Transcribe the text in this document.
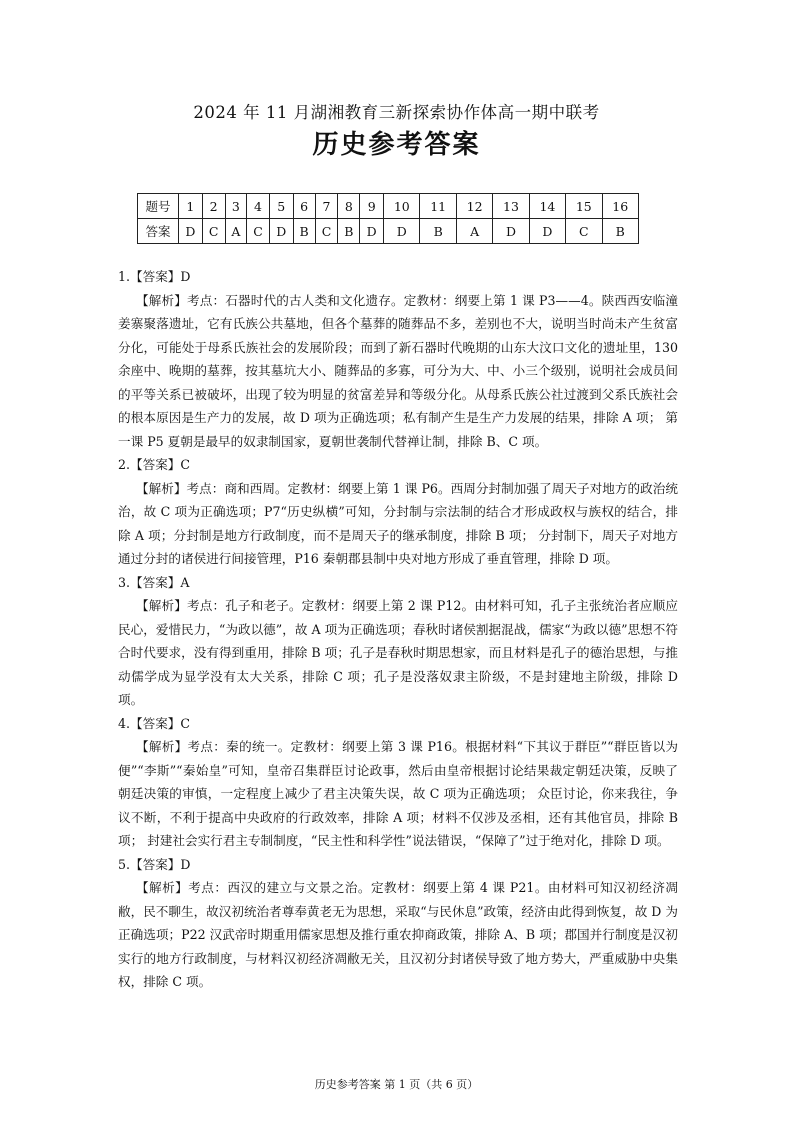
2024 年 11 月湖湘教育三新探索协作体高一期中联考
历史参考答案
题号	1	2	3	4	5	6	7	8	9	10	11	12	13	14	15	16
答案	D	C	A	C	D	B	C	B	D	D	B	A	D	D	C	B

1.【答案】D

【解析】考点：石器时代的古人类和文化遗存。定教材：纲要上第 1 课 P3——4。陕西西安临潼姜寨聚落遗址，它有氏族公共墓地，但各个墓葬的随葬品不多，差别也不大，说明当时尚未产生贫富分化，可能处于母系氏族社会的发展阶段；而到了新石器时代晚期的山东大汶口文化的遗址里，130 余座中、晚期的墓葬，按其墓坑大小、随葬品的多寡，可分为大、中、小三个级别，说明社会成员间的平等关系已被破坏，出现了较为明显的贫富差异和等级分化。从母系氏族公社过渡到父系氏族社会的根本原因是生产力的发展，故 D 项为正确选项；私有制产生是生产力发展的结果，排除 A 项； 第一课 P5 夏朝是最早的奴隶制国家，夏朝世袭制代替禅让制，排除 B、C 项。

2.【答案】C

【解析】考点：商和西周。定教材：纲要上第 1 课 P6。西周分封制加强了周天子对地方的政治统治，故 C 项为正确选项；P7“历史纵横”可知，分封制与宗法制的结合才形成政权与族权的结合，排除 A 项；分封制是地方行政制度，而不是周天子的继承制度，排除 B 项； 分封制下，周天子对地方通过分封的诸侯进行间接管理，P16 秦朝郡县制中央对地方形成了垂直管理，排除 D 项。

3.【答案】A

【解析】考点：孔子和老子。定教材：纲要上第 2 课 P12。由材料可知，孔子主张统治者应顺应民心，爱惜民力，“为政以德”，故 A 项为正确选项；春秋时诸侯割据混战，儒家“为政以德”思想不符合时代要求，没有得到重用，排除 B 项；孔子是春秋时期思想家，而且材料是孔子的德治思想，与推动儒学成为显学没有太大关系，排除 C 项；孔子是没落奴隶主阶级，不是封建地主阶级，排除 D 项。

4.【答案】C

【解析】考点：秦的统一。定教材：纲要上第 3 课 P16。根据材料“下其议于群臣”“群臣皆以为便”“李斯”“秦始皇”可知，皇帝召集群臣讨论政事，然后由皇帝根据讨论结果裁定朝廷决策，反映了朝廷决策的审慎，一定程度上减少了君主决策失误，故 C 项为正确选项； 众臣讨论，你来我往，争议不断，不利于提高中央政府的行政效率，排除 A 项；材料不仅涉及丞相，还有其他官员，排除 B 项； 封建社会实行君主专制制度，“民主性和科学性”说法错误，“保障了”过于绝对化，排除 D 项。

5.【答案】D

【解析】考点：西汉的建立与文景之治。定教材：纲要上第 4 课 P21。由材料可知汉初经济凋敝，民不聊生，故汉初统治者尊奉黄老无为思想，采取“与民休息”政策，经济由此得到恢复，故 D 为正确选项；P22 汉武帝时期重用儒家思想及推行重农抑商政策，排除 A、B 项；郡国并行制度是汉初实行的地方行政制度，与材料汉初经济凋敝无关，且汉初分封诸侯导致了地方势大，严重威胁中央集权，排除 C 项。

历史参考答案 第 1 页（共 6 页）
